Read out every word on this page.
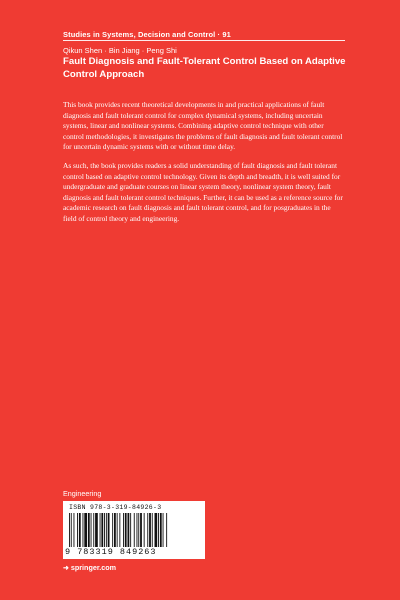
Studies in Systems, Decision and Control · 91
Qikun Shen · Bin Jiang · Peng Shi
Fault Diagnosis and Fault-Tolerant Control Based on Adaptive Control Approach

This book provides recent theoretical developments in and practical applications of fault diagnosis and fault tolerant control for complex dynamical systems, including uncertain systems, linear and nonlinear systems. Combining adaptive control technique with other control methodologies, it investigates the problems of fault diagnosis and fault tolerant control for uncertain dynamic systems with or without time delay.

As such, the book provides readers a solid understanding of fault diagnosis and fault tolerant control based on adaptive control technology. Given its depth and breadth, it is well suited for undergraduate and graduate courses on linear system theory, nonlinear system theory, fault diagnosis and fault tolerant control techniques. Further, it can be used as a reference source for academic research on fault diagnosis and fault tolerant control, and for posgraduates in the field of control theory and engineering.

Engineering
ISBN 978-3-319-84926-3
9 783319 849263
➜ springer.com
